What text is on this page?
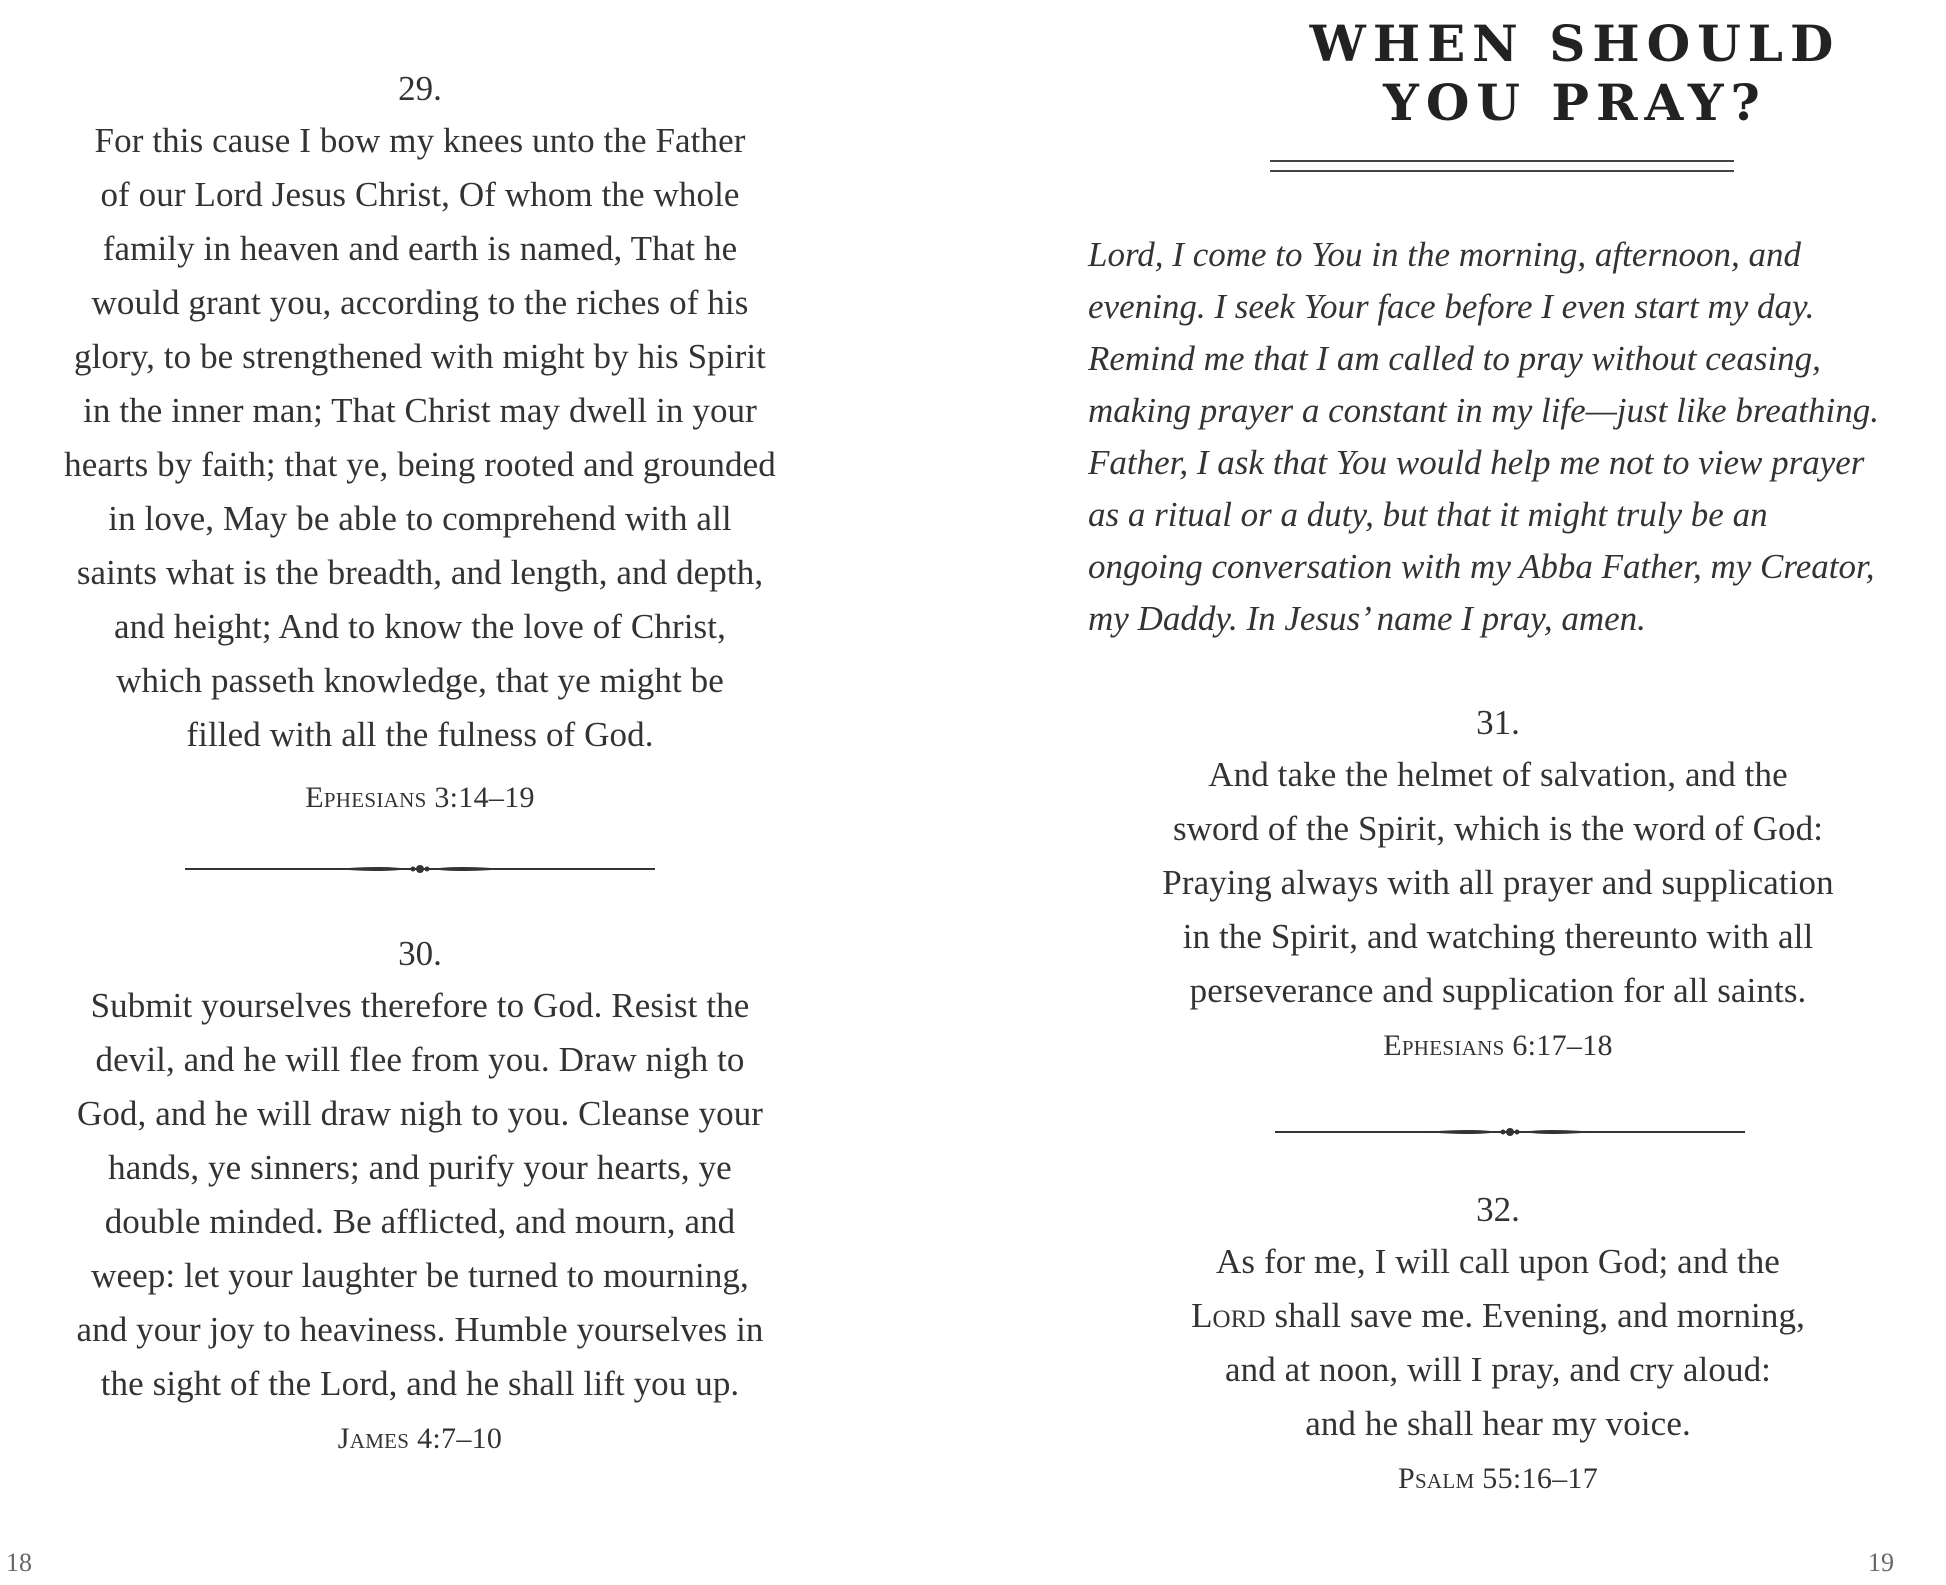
29.

For this cause I bow my knees unto the Father
of our Lord Jesus Christ, Of whom the whole
family in heaven and earth is named, That he
would grant you, according to the riches of his
glory, to be strengthened with might by his Spirit
in the inner man; That Christ may dwell in your
hearts by faith; that ye, being rooted and grounded
in love, May be able to comprehend with all
saints what is the breadth, and length, and depth,
and height; And to know the love of Christ,
which passeth knowledge, that ye might be
filled with all the fulness of God.

Ephesians 3:14–19

30.

Submit yourselves therefore to God. Resist the
devil, and he will flee from you. Draw nigh to
God, and he will draw nigh to you. Cleanse your
hands, ye sinners; and purify your hearts, ye
double minded. Be afflicted, and mourn, and
weep: let your laughter be turned to mourning,
and your joy to heaviness. Humble yourselves in
the sight of the Lord, and he shall lift you up.

James 4:7–10

18

WHEN SHOULD
YOU PRAY?

Lord, I come to You in the morning, afternoon, and
evening. I seek Your face before I even start my day.
Remind me that I am called to pray without ceasing,
making prayer a constant in my life—just like breathing.
Father, I ask that You would help me not to view prayer
as a ritual or a duty, but that it might truly be an
ongoing conversation with my Abba Father, my Creator,
my Daddy. In Jesus’ name I pray, amen.

31.

And take the helmet of salvation, and the
sword of the Spirit, which is the word of God:
Praying always with all prayer and supplication
in the Spirit, and watching thereunto with all
perseverance and supplication for all saints.

Ephesians 6:17–18

32.

As for me, I will call upon God; and the
Lord shall save me. Evening, and morning,
and at noon, will I pray, and cry aloud:
and he shall hear my voice.

Psalm 55:16–17

19
